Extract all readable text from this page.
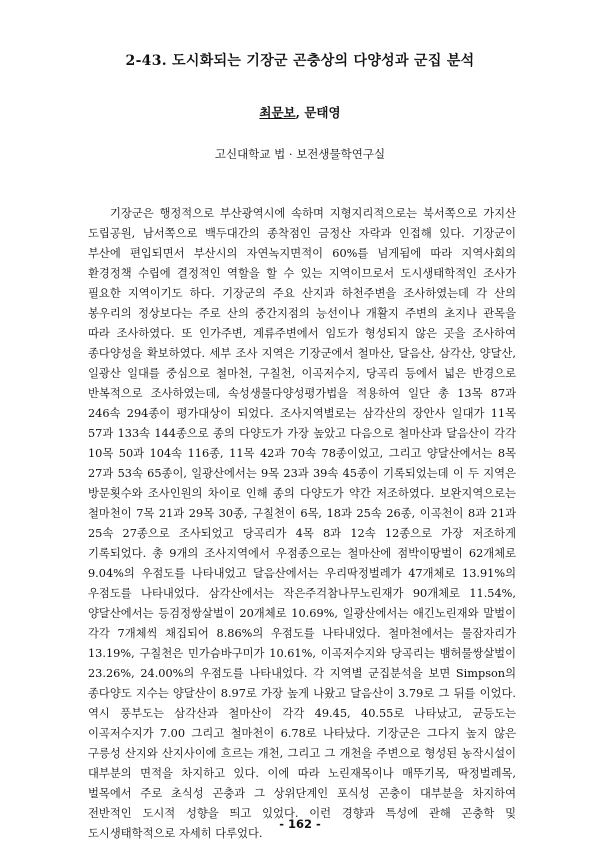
2-43. 도시화되는 기장군 곤충상의 다양성과 군집 분석
최문보, 문태영
고신대학교 법 · 보전생물학연구실

기장군은 행정적으로 부산광역시에 속하며 지형지리적으로는 북서쪽으로 가지산 도립공원, 남서쪽으로 백두대간의 종착점인 금정산 자락과 인접해 있다. 기장군이 부산에 편입되면서 부산시의 자연녹지면적이 60%를 넘게됨에 따라 지역사회의 환경정책 수립에 결정적인 역할을 할 수 있는 지역이므로서 도시생태학적인 조사가 필요한 지역이기도 하다. 기장군의 주요 산지과 하천주변을 조사하였는데 각 산의 봉우리의 정상보다는 주로 산의 중간지점의 능선이나 개활지 주변의 초지나 관목을 따라 조사하였다. 또 인가주변, 계류주변에서 임도가 형성되지 않은 곳을 조사하여 종다양성을 확보하였다. 세부 조사 지역은 기장군에서 철마산, 달음산, 삼각산, 양달산, 일광산 일대를 중심으로 철마천, 구칠천, 이곡저수지, 당곡리 등에서 넓은 반경으로 반복적으로 조사하였는데, 속성생물다양성평가법을 적용하여 일단 총 13목 87과 246속 294종이 평가대상이 되었다. 조사지역별로는 삼각산의 장안사 일대가 11목 57과 133속 144종으로 종의 다양도가 가장 높았고 다음으로 철마산과 달음산이 각각 10목 50과 104속 116종, 11목 42과 70속 78종이었고, 그리고 양달산에서는 8목 27과 53속 65종이, 일광산에서는 9목 23과 39속 45종이 기록되었는데 이 두 지역은 방문횟수와 조사인원의 차이로 인해 종의 다양도가 약간 저조하였다. 보완지역으로는 철마천이 7목 21과 29목 30종, 구칠천이 6목, 18과 25속 26종, 이곡천이 8과 21과 25속 27종으로 조사되었고 당곡리가 4목 8과 12속 12종으로 가장 저조하게 기록되었다. 총 9개의 조사지역에서 우점종으로는 철마산에 점박이땅벌이 62개체로 9.04%의 우점도를 나타내었고 달음산에서는 우리딱정벌레가 47개체로 13.91%의 우점도를 나타내었다. 삼각산에서는 작은주걱참나무노린재가 90개체로 11.54%, 양달산에서는 등검정쌍살벌이 20개체로 10.69%, 일광산에서는 애긴노린재와 말벌이 각각 7개체씩 채집되어 8.86%의 우점도를 나타내었다. 철마천에서는 물잠자리가 13.19%, 구칠천은 민가슴바구미가 10.61%, 이곡저수지와 당곡리는 뱀허물쌍살벌이 23.26%, 24.00%의 우점도를 나타내었다. 각 지역별 군집분석을 보면 Simpson의 종다양도 지수는 양달산이 8.97로 가장 높게 나왔고 달음산이 3.79로 그 뒤를 이었다. 역시 풍부도는 삼각산과 철마산이 각각 49.45, 40.55로 나타났고, 균등도는 이곡저수지가 7.00 그리고 철마천이 6.78로 나타났다. 기장군은 그다지 높지 않은 구릉성 산지와 산지사이에 흐르는 개천, 그리고 그 개천을 주변으로 형성된 농작시설이 대부분의 면적을 차지하고 있다. 이에 따라 노린재목이나 매뚜기목, 딱정벌레목, 벌목에서 주로 초식성 곤충과 그 상위단계인 포식성 곤충이 대부분을 차지하여 전반적인 도시적 성향을 띄고 있었다. 이런 경향과 특성에 관해 곤충학 및 도시생태학적으로 자세히 다루었다.

- 162 -
